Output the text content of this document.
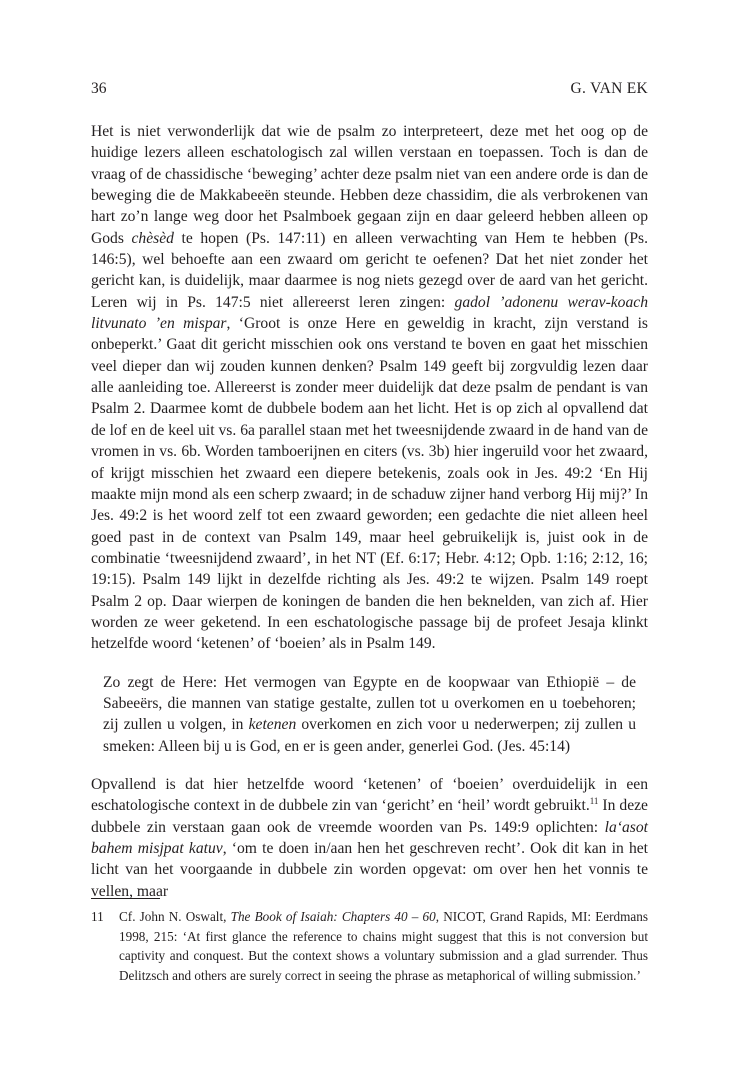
36	G. VAN EK

Het is niet verwonderlijk dat wie de psalm zo interpreteert, deze met het oog op de huidige lezers alleen eschatologisch zal willen verstaan en toepassen. Toch is dan de vraag of de chassidische ‘beweging’ achter deze psalm niet van een andere orde is dan de beweging die de Makkabeeën steunde. Hebben deze chassidim, die als verbrokenen van hart zo’n lange weg door het Psalmboek gegaan zijn en daar geleerd hebben alleen op Gods chèsèd te hopen (Ps. 147:11) en alleen verwachting van Hem te hebben (Ps. 146:5), wel behoefte aan een zwaard om gericht te oefenen? Dat het niet zonder het gericht kan, is duidelijk, maar daarmee is nog niets gezegd over de aard van het gericht. Leren wij in Ps. 147:5 niet allereerst leren zingen: gadol ’adonenu werav-koach litvunato ’en mispar, ‘Groot is onze Here en geweldig in kracht, zijn verstand is onbeperkt.’ Gaat dit gericht misschien ook ons verstand te boven en gaat het misschien veel dieper dan wij zouden kunnen denken? Psalm 149 geeft bij zorgvuldig lezen daar alle aanleiding toe. Allereerst is zonder meer duidelijk dat deze psalm de pendant is van Psalm 2. Daarmee komt de dubbele bodem aan het licht. Het is op zich al opvallend dat de lof en de keel uit vs. 6a parallel staan met het tweesnijdende zwaard in de hand van de vromen in vs. 6b. Worden tamboerijnen en citers (vs. 3b) hier ingeruild voor het zwaard, of krijgt misschien het zwaard een diepere betekenis, zoals ook in Jes. 49:2 ‘En Hij maakte mijn mond als een scherp zwaard; in de schaduw zijner hand verborg Hij mij?’ In Jes. 49:2 is het woord zelf tot een zwaard geworden; een gedachte die niet alleen heel goed past in de context van Psalm 149, maar heel gebruikelijk is, juist ook in de combinatie ‘tweesnijdend zwaard’, in het NT (Ef. 6:17; Hebr. 4:12; Opb. 1:16; 2:12, 16; 19:15). Psalm 149 lijkt in dezelfde richting als Jes. 49:2 te wijzen. Psalm 149 roept Psalm 2 op. Daar wierpen de koningen de banden die hen beknelden, van zich af. Hier worden ze weer geketend. In een eschatologische passage bij de profeet Jesaja klinkt hetzelfde woord ‘ketenen’ of ‘boeien’ als in Psalm 149.

Zo zegt de Here: Het vermogen van Egypte en de koopwaar van Ethiopië – de Sabeeërs, die mannen van statige gestalte, zullen tot u overkomen en u toebehoren; zij zullen u volgen, in ketenen overkomen en zich voor u nederwerpen; zij zullen u smeken: Alleen bij u is God, en er is geen ander, generlei God. (Jes. 45:14)

Opvallend is dat hier hetzelfde woord ‘ketenen’ of ‘boeien’ overduidelijk in een eschatologische context in de dubbele zin van ‘gericht’ en ‘heil’ wordt gebruikt.$^{11}$ In deze dubbele zin verstaan gaan ook de vreemde woorden van Ps. 149:9 oplichten: la‘asot bahem misjpat katuv, ‘om te doen in/aan hen het geschreven recht’. Ook dit kan in het licht van het voorgaande in dubbele zin worden opgevat: om over hen het vonnis te vellen, maar

11 Cf. John N. Oswalt, The Book of Isaiah: Chapters 40 – 60, NICOT, Grand Rapids, MI: Eerdmans 1998, 215: ‘At first glance the reference to chains might suggest that this is not conversion but captivity and conquest. But the context shows a voluntary submission and a glad surrender. Thus Delitzsch and others are surely correct in seeing the phrase as metaphorical of willing submission.’
